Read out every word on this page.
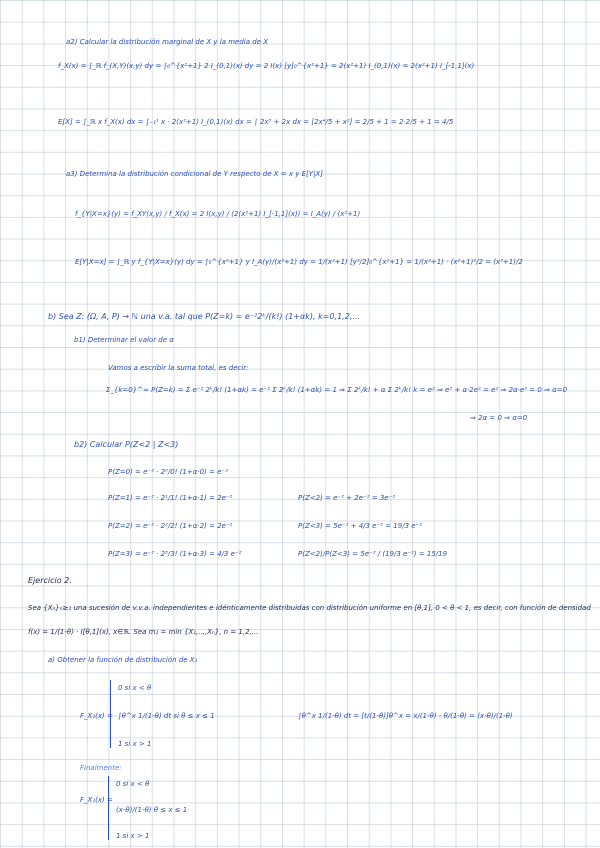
a2) Calcular la distribución marginal de X y la media de X
f_X(x) = ∫_ℝ f_(X,Y)(x,y) dy = ∫₀^{x²+1} 2 I_(0,1)(x) dy = 2 I(x) [y]₀^{x²+1} = 2(x²+1) I_(0,1)(x) = 2(x²+1) I_[-1,1](x)
E[X] = ∫_ℝ x f_X(x) dx = ∫₋₁¹ x · 2(x²+1) I_(0,1)(x) dx = ∫ 2x³ + 2x dx = [2x⁴/5 + x²] = 2/5 + 1 = 2·2/5 + 1 = 4/5
a3) Determina la distribución condicional de Y respecto de X = x y E[Y|X]
f_{Y|X=x}(y) = f_XY(x,y) / f_X(x) = 2 I(x,y) / (2(x²+1) I_[-1,1](x)) = I_A(y) / (x²+1)
E[Y|X=x] = ∫_ℝ y f_{Y|X=x}(y) dy = ∫₀^{x²+1} y I_A(y)/(x²+1) dy = 1/(x²+1) [y²/2]₀^{x²+1} = 1/(x²+1) · (x²+1)²/2 = (x²+1)/2
b) Sea Z: (Ω, A, P) → ℕ una v.a. tal que P(Z=k) = e⁻²2ᵏ/(k!) (1+αk), k=0,1,2,...
b1) Determinar el valor de α
Vamos a escribir la suma total, es decir:
Σ_{k=0}^∞ P(Z=k) = Σ e⁻² 2ᵏ/k! (1+αk) = e⁻² Σ 2ᵏ/k! (1+αk) = 1 ⇒ Σ 2ᵏ/k! + α Σ 2ᵏ/k! k = e² ⇒ e² + α·2e² = e² ⇒ 2α·e² = 0 ⇒ α=0
⇒ 2α = 0 ⇒ α=0
b2) Calcular P(Z<2 | Z<3)
P(Z=0) = e⁻² · 2⁰/0! (1+α·0) = e⁻²
P(Z=1) = e⁻² · 2¹/1! (1+α·1) = 2e⁻²
P(Z=2) = e⁻² · 2²/2! (1+α·2) = 2e⁻²
P(Z=3) = e⁻² · 2³/3! (1+α·3) = 4/3 e⁻²
P(Z<2) = e⁻² + 2e⁻² = 3e⁻²
P(Z<3) = 5e⁻² + 4/3 e⁻² = 19/3 e⁻²
P(Z<2)/P(Z<3) = 5e⁻² / (19/3 e⁻²) = 15/19
Ejercicio 2.
Sea {Xₙ}ₙ≥₁ una sucesión de v.v.a. independientes e idénticamente distribuidas con distribución uniforme en [θ,1], 0 < θ < 1, es decir, con función de densidad
f(x) = 1/(1-θ) · I[θ,1](x), x∈ℝ. Sea m₁ = min {X₁,...,Xₙ}, n = 1,2,...
a) Obtener la función de distribución de X₁
F_X₁(x) =
0 si x < θ
∫θ^x 1/(1-θ) dt si θ ≤ x ≤ 1
1 si x > 1
∫θ^x 1/(1-θ) dt = [t/(1-θ)]θ^x = x/(1-θ) - θ/(1-θ) = (x-θ)/(1-θ)
Finalmente:
F_X₁(x) =
0 si x < θ
(x-θ)/(1-θ) θ ≤ x ≤ 1
1 si x > 1
